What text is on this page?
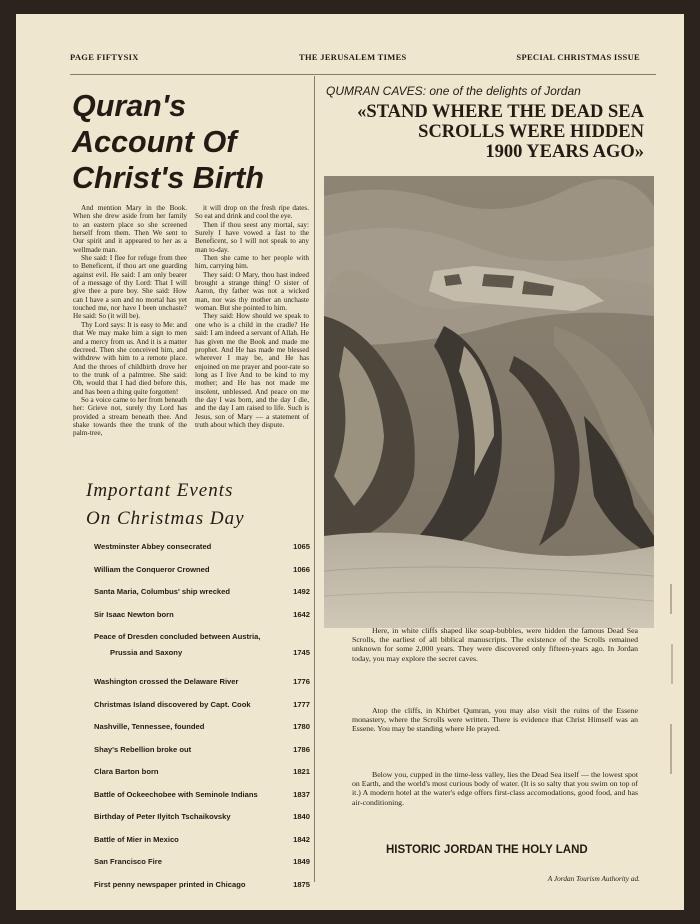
PAGE FIFTYSIX	THE JERUSALEM TIMES	SPECIAL CHRISTMAS ISSUE
Quran's
Account Of
Christ's Birth

And mention Mary in the Book. When she drew aside from her family to an eastern place so she screened herself from them. Then We sent to Our spirit and it appeared to her as a wellmade man.

She said: I flee for refuge from thee to Beneficent, if thou art one guarding against evil. He said: I am only bearer of a message of thy Lord: That I will give thee a pure boy. She said: How can I have a son and no mortal has yet touched me, nor have I been unchaste? He said: So (it will be).

Thy Lord says: It is easy to Me: and that We may make him a sign to men and a mercy from us. And it is a matter decreed. Then she conceived him, and withdrew with him to a remote place. And the throes of childbirth drove her to the trunk of a palmtree. She said: Oh, would that I had died before this, and has been a thing quite forgotten!

So a voice came to her from beneath her: Grieve not, surely thy Lord has provided a stream beneath thee. And shake towards thee the trunk of the palm-tree,

it will drop on the fresh ripe dates. So eat and drink and cool the eye.

Then if thou seest any mortal, say: Surely I have vowed a fast to the Beneficent, so I will not speak to any man to-day.

Then she came to her people with him, carrying him.

They said: O Mary, thou hast indeed brought a strange thing! O sister of Aaron, thy father was not a wicked man, nor was thy mother an unchaste woman. But she pointed to him.

They said: How should we speak to one who is a child in the cradle? He said: I am indeed a servant of Allah. He has given me the Book and made me prophet. And He has made me blessed wherever I may be, and He has enjoined on me prayer and poor-rate so long as I live And to be kind to my mother; and He has not made me insolent, unblessed. And peace on me the day I was born, and the day I die, and the day I am raised to life. Such is Jesus, son of Mary — a statement of truth about which they dispute.

Important Events
On Christmas Day
Westminster Abbey consecrated	1065
William the Conqueror Crowned	1066
Santa Maria, Columbus' ship wrecked	1492
Sir Isaac Newton born	1642
Peace of Dresden concluded between Austria,
Prussia and Saxony	1745
Washington crossed the Delaware River	1776
Christmas Island discovered by Capt. Cook	1777
Nashville, Tennessee, founded	1780
Shay's Rebellion broke out	1786
Clara Barton born	1821
Battle of Ockeechobee with Seminole Indians	1837
Birthday of Peter Ilyitch Tschaikovsky	1840
Battle of Mier in Mexico	1842
San Francisco Fire	1849
First penny newspaper printed in Chicago	1875
QUMRAN CAVES: one of the delights of Jordan
«STAND WHERE THE DEAD SEA
SCROLLS WERE HIDDEN
1900 YEARS AGO»
Here, in white cliffs shaped like soap-bubbles, were hidden the famous Dead Sea Scrolls, the earliest of all biblical manuscripts. The existence of the Scrolls remained unknown for some 2,000 years. They were discovered only fifteen-years ago. In Jordan today, you may explore the secret caves.
Atop the cliffs, in Khirbet Qumran, you may also visit the ruins of the Essene monastery, where the Scrolls were written. There is evidence that Christ Himself was an Essene. You may be standing where He prayed.
Below you, cupped in the time-less valley, lies the Dead Sea itself — the lowest spot on Earth, and the world's most curious body of water. (It is so salty that you swim on top of it.) A modern hotel at the water's edge offers first-class accomodations, good food, and has air-conditioning.
HISTORIC JORDAN THE HOLY LAND
A Jordan Tourism Authority ad.
